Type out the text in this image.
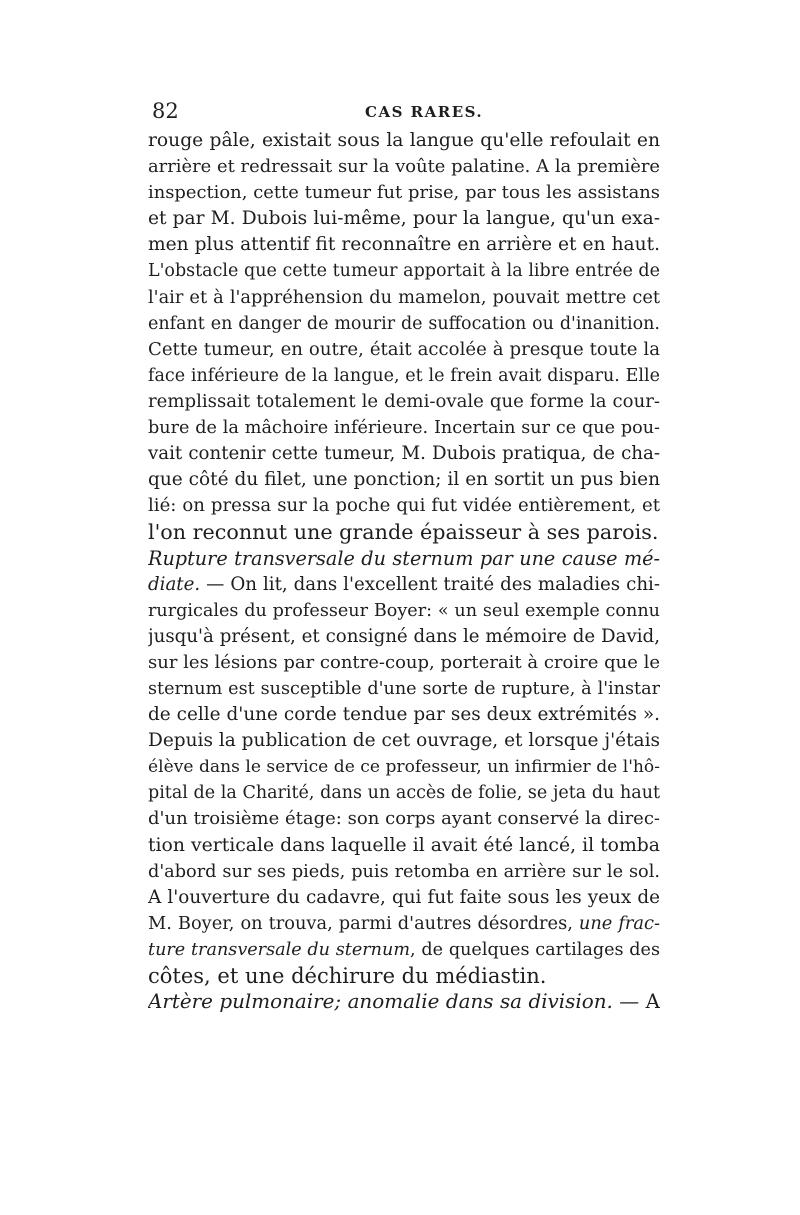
82	CAS RARES.
rouge pâle, existait sous la langue qu'elle refoulait en
arrière et redressait sur la voûte palatine. A la première
inspection, cette tumeur fut prise, par tous les assistans
et par M. Dubois lui-même, pour la langue, qu'un exa-
men plus attentif fit reconnaître en arrière et en haut.
L'obstacle que cette tumeur apportait à la libre entrée de
l'air et à l'appréhension du mamelon, pouvait mettre cet
enfant en danger de mourir de suffocation ou d'inanition.
Cette tumeur, en outre, était accolée à presque toute la
face inférieure de la langue, et le frein avait disparu. Elle
remplissait totalement le demi-ovale que forme la cour-
bure de la mâchoire inférieure. Incertain sur ce que pou-
vait contenir cette tumeur, M. Dubois pratiqua, de cha-
que côté du filet, une ponction; il en sortit un pus bien
lié: on pressa sur la poche qui fut vidée entièrement, et
l'on reconnut une grande épaisseur à ses parois.
Rupture transversale du sternum par une cause mé-
diate. — On lit, dans l'excellent traité des maladies chi-
rurgicales du professeur Boyer: « un seul exemple connu
jusqu'à présent, et consigné dans le mémoire de David,
sur les lésions par contre-coup, porterait à croire que le
sternum est susceptible d'une sorte de rupture, à l'instar
de celle d'une corde tendue par ses deux extrémités ».
Depuis la publication de cet ouvrage, et lorsque j'étais
élève dans le service de ce professeur, un infirmier de l'hô-
pital de la Charité, dans un accès de folie, se jeta du haut
d'un troisième étage: son corps ayant conservé la direc-
tion verticale dans laquelle il avait été lancé, il tomba
d'abord sur ses pieds, puis retomba en arrière sur le sol.
A l'ouverture du cadavre, qui fut faite sous les yeux de
M. Boyer, on trouva, parmi d'autres désordres, une frac-
ture transversale du sternum, de quelques cartilages des
côtes, et une déchirure du médiastin.
Artère pulmonaire; anomalie dans sa division. — A
